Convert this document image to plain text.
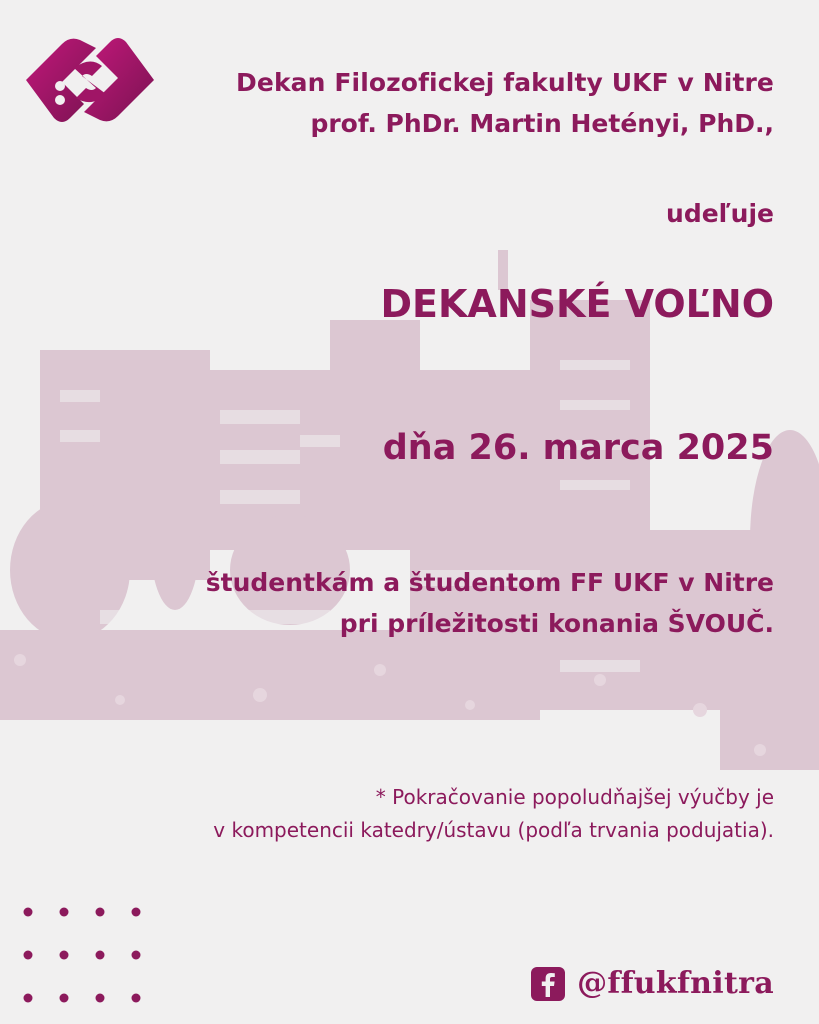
Dekan Filozofickej fakulty UKF v Nitre
prof. PhDr. Martin Hetényi, PhD.,
udeľuje
DEKANSKÉ VOĽNO
dňa 26. marca 2025
študentkám a študentom FF UKF v Nitre
pri príležitosti konania ŠVOUČ.
* Pokračovanie popoludňajšej výučby je
v kompetencii katedry/ústavu (podľa trvania podujatia).
@ffukfnitra
